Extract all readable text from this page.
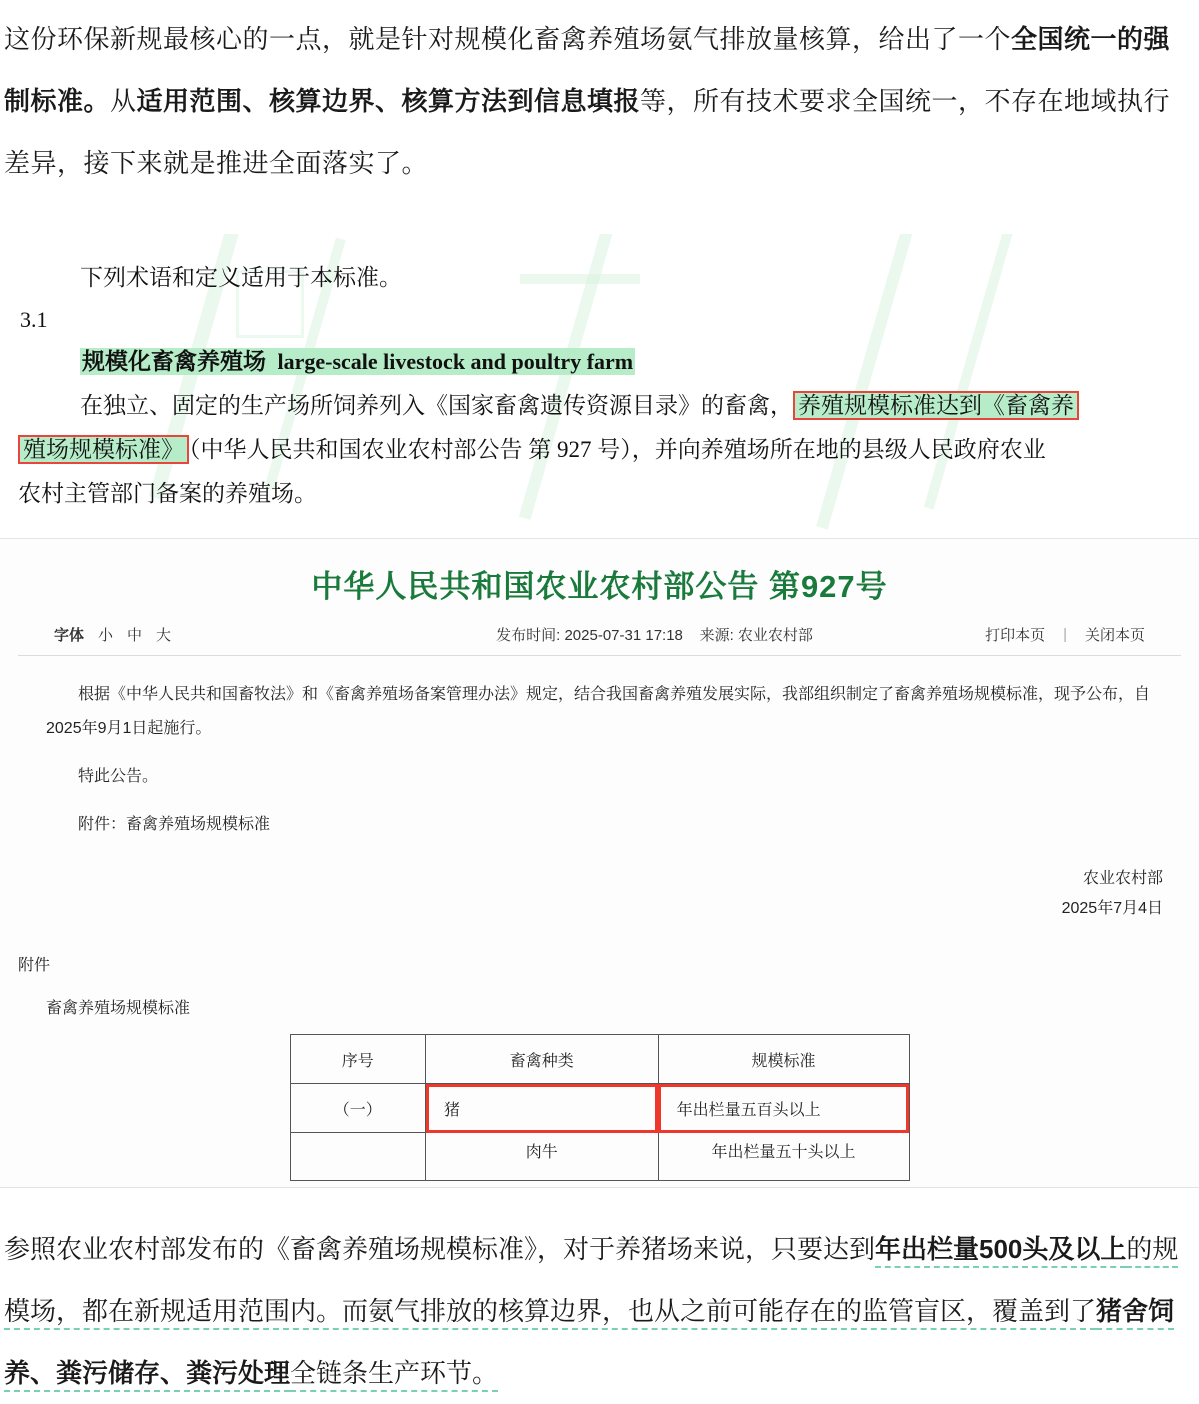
这份环保新规最核心的一点，就是针对规模化畜禽养殖场氨气排放量核算，给出了一个全国统一的强制标准。从适用范围、核算边界、核算方法到信息填报等，所有技术要求全国统一，不存在地域执行差异，接下来就是推进全面落实了。
下列术语和定义适用于本标准。
3.1
规模化畜禽养殖场 large-scale livestock and poultry farm
在独立、固定的生产场所饲养列入《国家畜禽遗传资源目录》的畜禽， 养殖规模标准达到《畜禽养
殖场规模标准》 （中华人民共和国农业农村部公告 第 927 号），并向养殖场所在地的县级人民政府农业
农村主管部门备案的养殖场。
中华人民共和国农业农村部公告 第927号
字体 小 中 大	发布时间: 2025-07-31 17:18 来源: 农业农村部	打印本页 | 关闭本页

根据《中华人民共和国畜牧法》和《畜禽养殖场备案管理办法》规定，结合我国畜禽养殖发展实际，我部组织制定了畜禽养殖场规模标准，现予公布，自2025年9月1日起施行。

特此公告。

附件：畜禽养殖场规模标准

农业农村部
2025年7月4日
附件
畜禽养殖场规模标准
序号	畜禽种类	规模标准
（一）	猪	年出栏量五百头以上
	肉牛	年出栏量五十头以上
参照农业农村部发布的《畜禽养殖场规模标准》，对于养猪场来说，只要达到年出栏量500头及以上的规模场，都在新规适用范围内。而氨气排放的核算边界，也从之前可能存在的监管盲区，覆盖到了猪舍饲养、粪污储存、粪污处理全链条生产环节。
